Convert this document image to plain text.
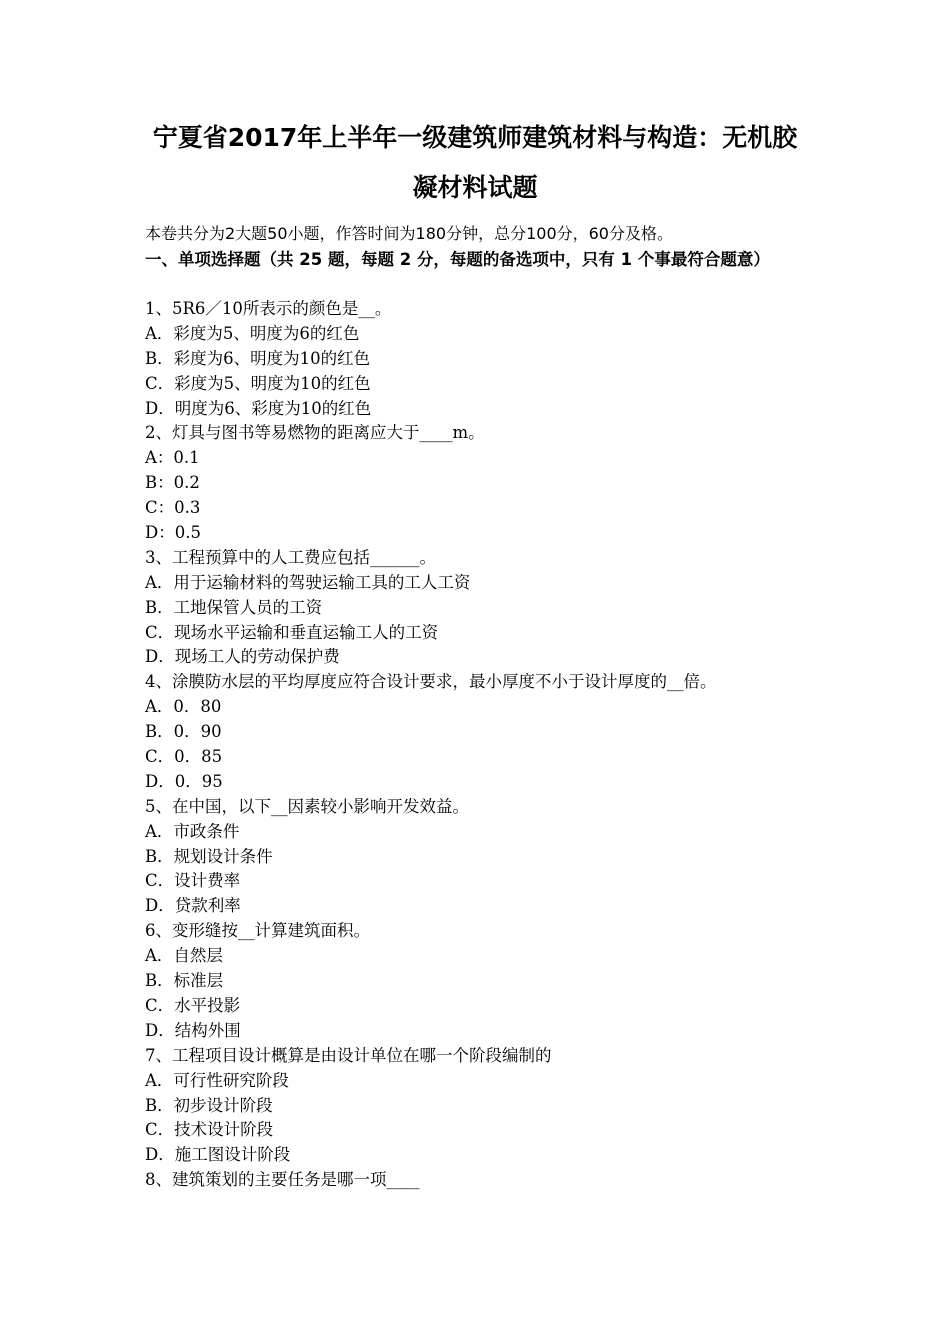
宁夏省2017年上半年一级建筑师建筑材料与构造：无机胶
凝材料试题
本卷共分为2大题50小题，作答时间为180分钟，总分100分，60分及格。
一、单项选择题（共 25 题，每题 2 分，每题的备选项中，只有 1 个事最符合题意）
1、5R6／10所表示的颜色是__。
A．彩度为5、明度为6的红色
B．彩度为6、明度为10的红色
C．彩度为5、明度为10的红色
D．明度为6、彩度为10的红色
2、灯具与图书等易燃物的距离应大于____m。
A：0.1
B：0.2
C：0.3
D：0.5
3、工程预算中的人工费应包括______。
A．用于运输材料的驾驶运输工具的工人工资
B．工地保管人员的工资
C．现场水平运输和垂直运输工人的工资
D．现场工人的劳动保护费
4、涂膜防水层的平均厚度应符合设计要求，最小厚度不小于设计厚度的__倍。
A．0．80
B．0．90
C．0．85
D．0．95
5、在中国，以下__因素较小影响开发效益。
A．市政条件
B．规划设计条件
C．设计费率
D．贷款利率
6、变形缝按__计算建筑面积。
A．自然层
B．标准层
C．水平投影
D．结构外围
7、工程项目设计概算是由设计单位在哪一个阶段编制的
A．可行性研究阶段
B．初步设计阶段
C．技术设计阶段
D．施工图设计阶段
8、建筑策划的主要任务是哪一项____
